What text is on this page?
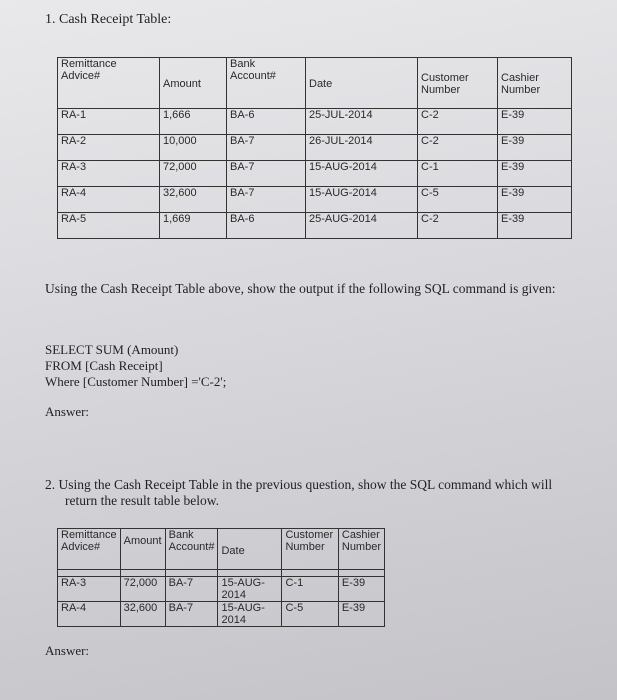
1. Cash Receipt Table:
Remittance Advice#	Amount	Bank Account#	Date	Customer Number	Cashier Number
RA-1	1,666	BA-6	25-JUL-2014	C-2	E-39
RA-2	10,000	BA-7	26-JUL-2014	C-2	E-39
RA-3	72,000	BA-7	15-AUG-2014	C-1	E-39
RA-4	32,600	BA-7	15-AUG-2014	C-5	E-39
RA-5	1,669	BA-6	25-AUG-2014	C-2	E-39
Using the Cash Receipt Table above, show the output if the following SQL command is given:
SELECT SUM (Amount)
FROM [Cash Receipt]
Where [Customer Number] ='C-2';
Answer:
2. Using the Cash Receipt Table in the previous question, show the SQL command which will
return the result table below.
Remittance Advice#	Amount	Bank Account#	Date	Customer Number	Cashier Number

RA-3	72,000	BA-7	15-AUG-2014	C-1	E-39
RA-4	32,600	BA-7	15-AUG-2014	C-5	E-39
Answer:
